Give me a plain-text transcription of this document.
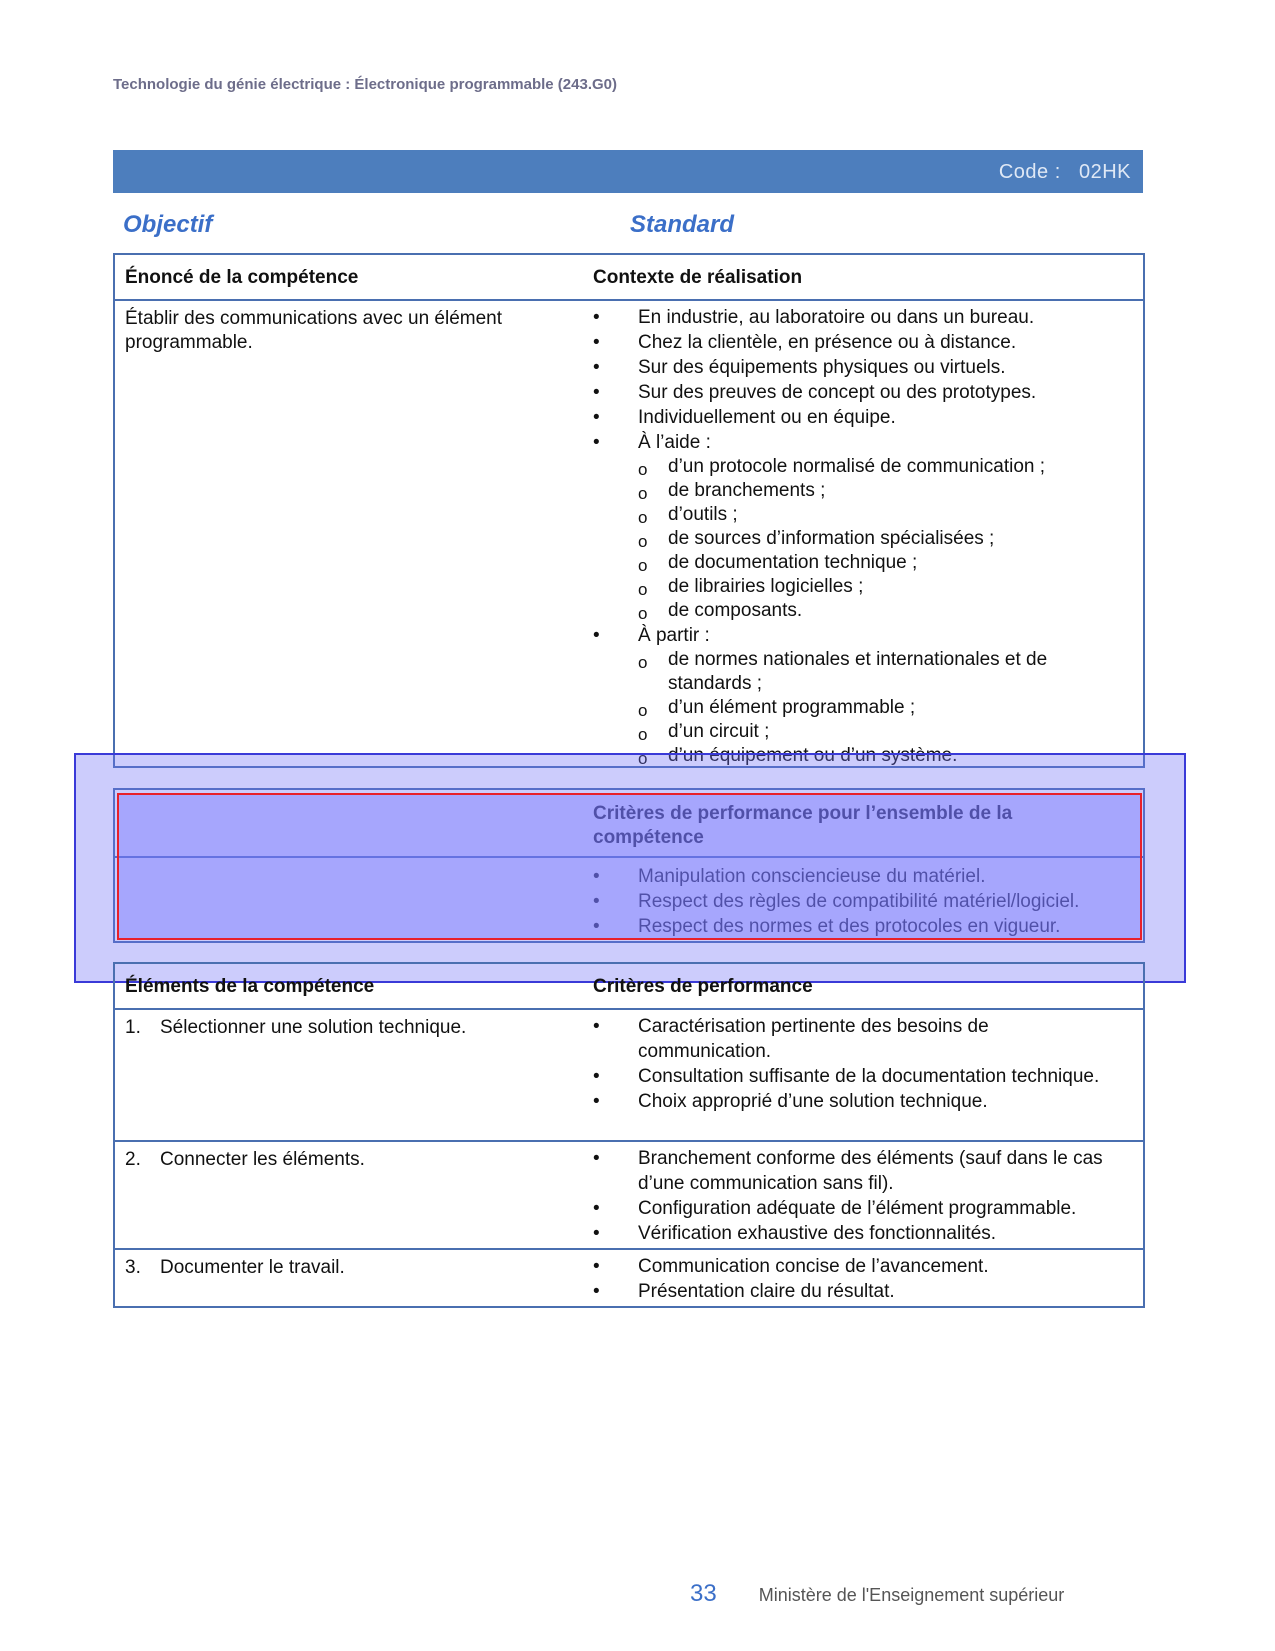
Technologie du génie électrique : Électronique programmable (243.G0)
Code : 02HK
Objectif	Standard
Énoncé de la compétence	Contexte de réalisation
Établir des communications avec un élément programmable.
• En industrie, au laboratoire ou dans un bureau.
• Chez la clientèle, en présence ou à distance.
• Sur des équipements physiques ou virtuels.
• Sur des preuves de concept ou des prototypes.
• Individuellement ou en équipe.
• À l’aide :
o d’un protocole normalisé de communication ;
o de branchements ;
o d’outils ;
o de sources d’information spécialisées ;
o de documentation technique ;
o de librairies logicielles ;
o de composants.
• À partir :
o de normes nationales et internationales et de standards ;
o d’un élément programmable ;
o d’un circuit ;
o d’un équipement ou d’un système.
Critères de performance pour l’ensemble de la compétence
• Manipulation consciencieuse du matériel.
• Respect des règles de compatibilité matériel/logiciel.
• Respect des normes et des protocoles en vigueur.
Éléments de la compétence	Critères de performance
1. Sélectionner une solution technique.	• Caractérisation pertinente des besoins de communication.
• Consultation suffisante de la documentation technique.
• Choix approprié d’une solution technique.
2. Connecter les éléments.	• Branchement conforme des éléments (sauf dans le cas d’une communication sans fil).
• Configuration adéquate de l’élément programmable.
• Vérification exhaustive des fonctionnalités.
3. Documenter le travail.	• Communication concise de l’avancement.
• Présentation claire du résultat.
33 Ministère de l'Enseignement supérieur
